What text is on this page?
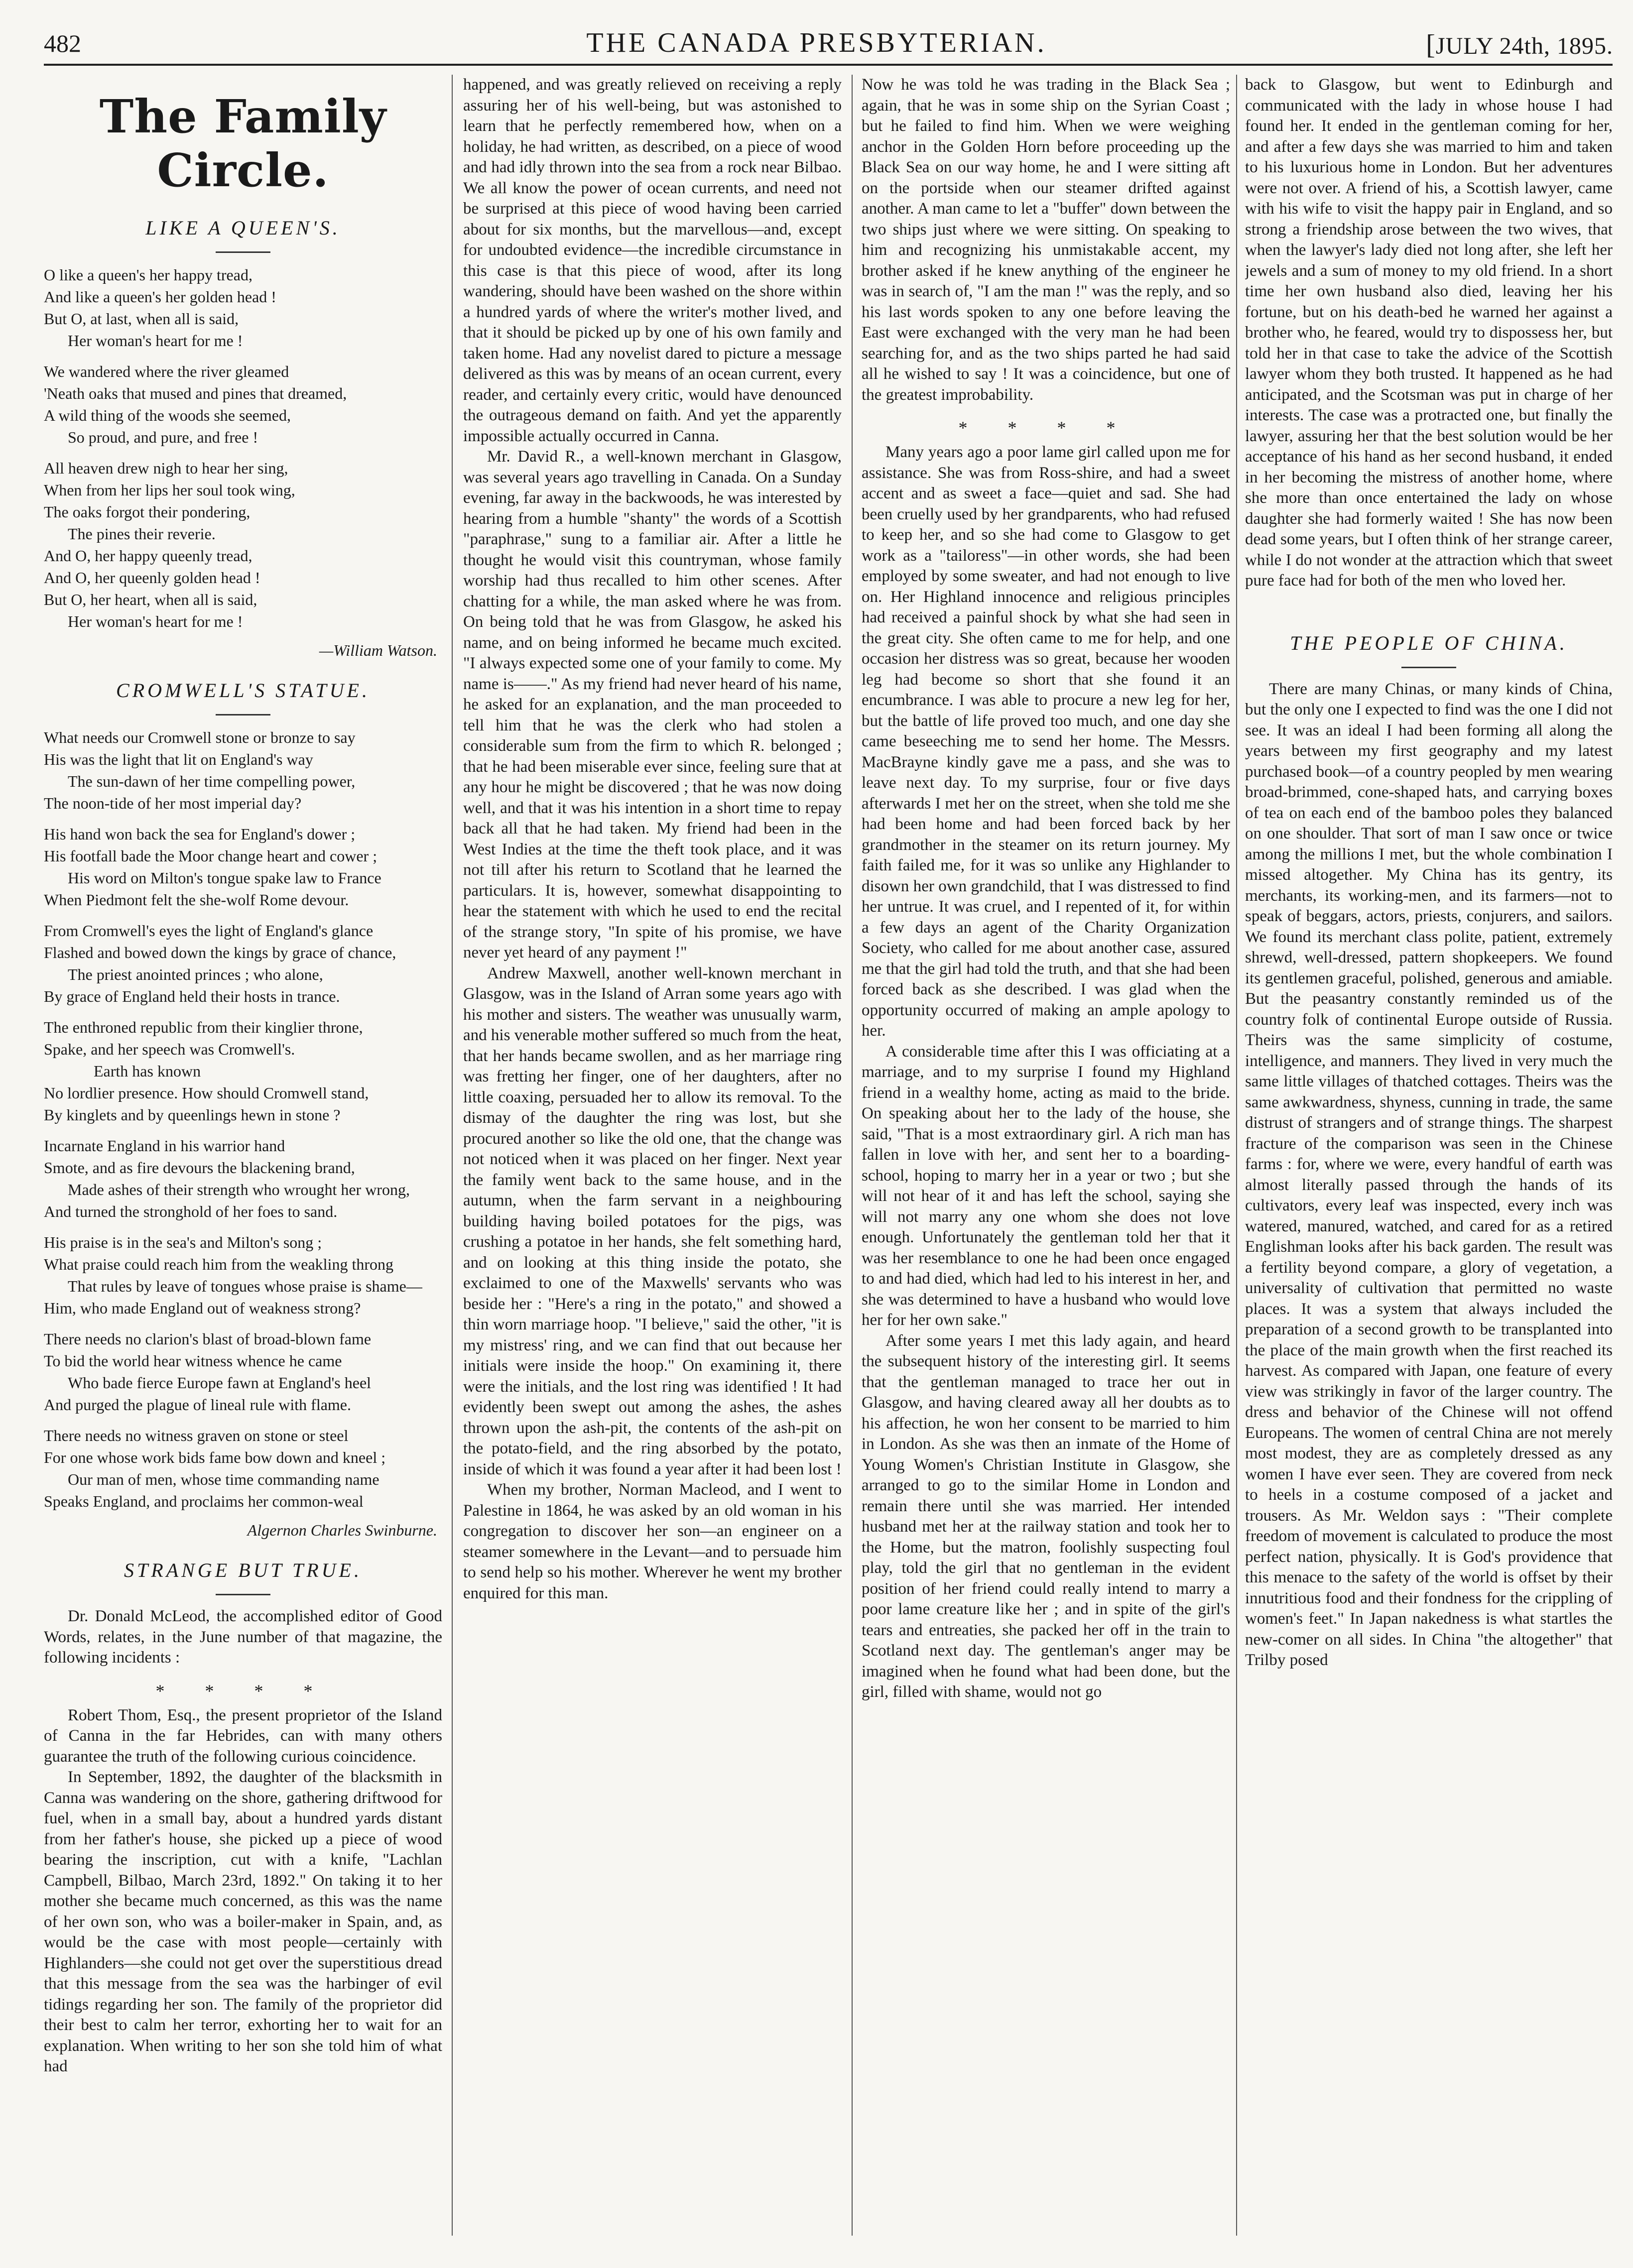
482	THE CANADA PRESBYTERIAN.	[JULY 24th, 1895.
The Family Circle.
LIKE A QUEEN'S.

O like a queen's her happy tread,

And like a queen's her golden head !

But O, at last, when all is said,

Her woman's heart for me !

We wandered where the river gleamed

'Neath oaks that mused and pines that dreamed,

A wild thing of the woods she seemed,

So proud, and pure, and free !

All heaven drew nigh to hear her sing,

When from her lips her soul took wing,

The oaks forgot their pondering,

The pines their reverie.

And O, her happy queenly tread,

And O, her queenly golden head !

But O, her heart, when all is said,

Her woman's heart for me !

—William Watson.
CROMWELL'S STATUE.

What needs our Cromwell stone or bronze to say

His was the light that lit on England's way

The sun-dawn of her time compelling power,

The noon-tide of her most imperial day?

His hand won back the sea for England's dower ;

His footfall bade the Moor change heart and cower ;

His word on Milton's tongue spake law to France

When Piedmont felt the she-wolf Rome devour.

From Cromwell's eyes the light of England's glance

Flashed and bowed down the kings by grace of chance,

The priest anointed princes ; who alone,

By grace of England held their hosts in trance.

The enthroned republic from their kinglier throne,

Spake, and her speech was Cromwell's.

Earth has known

No lordlier presence. How should Cromwell stand,

By kinglets and by queenlings hewn in stone ?

Incarnate England in his warrior hand

Smote, and as fire devours the blackening brand,

Made ashes of their strength who wrought her wrong,

And turned the stronghold of her foes to sand.

His praise is in the sea's and Milton's song ;

What praise could reach him from the weakling throng

That rules by leave of tongues whose praise is shame—

Him, who made England out of weakness strong?

There needs no clarion's blast of broad-blown fame

To bid the world hear witness whence he came

Who bade fierce Europe fawn at England's heel

And purged the plague of lineal rule with flame.

There needs no witness graven on stone or steel

For one whose work bids fame bow down and kneel ;

Our man of men, whose time commanding name

Speaks England, and proclaims her common-weal

Algernon Charles Swinburne.
STRANGE BUT TRUE.

Dr. Donald McLeod, the accomplished editor of Good Words, relates, in the June number of that magazine, the following incidents :

* * * *

Robert Thom, Esq., the present proprietor of the Island of Canna in the far Hebrides, can with many others guarantee the truth of the following curious coincidence.

In September, 1892, the daughter of the blacksmith in Canna was wandering on the shore, gathering driftwood for fuel, when in a small bay, about a hundred yards distant from her father's house, she picked up a piece of wood bearing the inscription, cut with a knife, "Lachlan Campbell, Bilbao, March 23rd, 1892." On taking it to her mother she became much concerned, as this was the name of her own son, who was a boiler-maker in Spain, and, as would be the case with most people—certainly with Highlanders—she could not get over the superstitious dread that this message from the sea was the harbinger of evil tidings regarding her son. The family of the proprietor did their best to calm her terror, exhorting her to wait for an explanation. When writing to her son she told him of what had

happened, and was greatly relieved on receiving a reply assuring her of his well-being, but was astonished to learn that he perfectly remembered how, when on a holiday, he had written, as described, on a piece of wood and had idly thrown into the sea from a rock near Bilbao. We all know the power of ocean currents, and need not be surprised at this piece of wood having been carried about for six months, but the marvellous—and, except for undoubted evidence—the incredible circumstance in this case is that this piece of wood, after its long wandering, should have been washed on the shore within a hundred yards of where the writer's mother lived, and that it should be picked up by one of his own family and taken home. Had any novelist dared to picture a message delivered as this was by means of an ocean current, every reader, and certainly every critic, would have denounced the outrageous demand on faith. And yet the apparently impossible actually occurred in Canna.

Mr. David R., a well-known merchant in Glasgow, was several years ago travelling in Canada. On a Sunday evening, far away in the backwoods, he was interested by hearing from a humble "shanty" the words of a Scottish "paraphrase," sung to a familiar air. After a little he thought he would visit this countryman, whose family worship had thus recalled to him other scenes. After chatting for a while, the man asked where he was from. On being told that he was from Glasgow, he asked his name, and on being informed he became much excited. "I always expected some one of your family to come. My name is——." As my friend had never heard of his name, he asked for an explanation, and the man proceeded to tell him that he was the clerk who had stolen a considerable sum from the firm to which R. belonged ; that he had been miserable ever since, feeling sure that at any hour he might be discovered ; that he was now doing well, and that it was his intention in a short time to repay back all that he had taken. My friend had been in the West Indies at the time the theft took place, and it was not till after his return to Scotland that he learned the particulars. It is, however, somewhat disappointing to hear the statement with which he used to end the recital of the strange story, "In spite of his promise, we have never yet heard of any payment !"

Andrew Maxwell, another well-known merchant in Glasgow, was in the Island of Arran some years ago with his mother and sisters. The weather was unusually warm, and his venerable mother suffered so much from the heat, that her hands became swollen, and as her marriage ring was fretting her finger, one of her daughters, after no little coaxing, persuaded her to allow its removal. To the dismay of the daughter the ring was lost, but she procured another so like the old one, that the change was not noticed when it was placed on her finger. Next year the family went back to the same house, and in the autumn, when the farm servant in a neighbouring building having boiled potatoes for the pigs, was crushing a potatoe in her hands, she felt something hard, and on looking at this thing inside the potato, she exclaimed to one of the Maxwells' servants who was beside her : "Here's a ring in the potato," and showed a thin worn marriage hoop. "I believe," said the other, "it is my mistress' ring, and we can find that out because her initials were inside the hoop." On examining it, there were the initials, and the lost ring was identified ! It had evidently been swept out among the ashes, the ashes thrown upon the ash-pit, the contents of the ash-pit on the potato-field, and the ring absorbed by the potato, inside of which it was found a year after it had been lost !

When my brother, Norman Macleod, and I went to Palestine in 1864, he was asked by an old woman in his congregation to discover her son—an engineer on a steamer somewhere in the Levant—and to persuade him to send help so his mother. Wherever he went my brother enquired for this man.

Now he was told he was trading in the Black Sea ; again, that he was in some ship on the Syrian Coast ; but he failed to find him. When we were weighing anchor in the Golden Horn before proceeding up the Black Sea on our way home, he and I were sitting aft on the portside when our steamer drifted against another. A man came to let a "buffer" down between the two ships just where we were sitting. On speaking to him and recognizing his unmistakable accent, my brother asked if he knew anything of the engineer he was in search of, "I am the man !" was the reply, and so his last words spoken to any one before leaving the East were exchanged with the very man he had been searching for, and as the two ships parted he had said all he wished to say ! It was a coincidence, but one of the greatest improbability.

* * * *

Many years ago a poor lame girl called upon me for assistance. She was from Ross-shire, and had a sweet accent and as sweet a face—quiet and sad. She had been cruelly used by her grandparents, who had refused to keep her, and so she had come to Glasgow to get work as a "tailoress"—in other words, she had been employed by some sweater, and had not enough to live on. Her Highland innocence and religious principles had received a painful shock by what she had seen in the great city. She often came to me for help, and one occasion her distress was so great, because her wooden leg had become so short that she found it an encumbrance. I was able to procure a new leg for her, but the battle of life proved too much, and one day she came beseeching me to send her home. The Messrs. MacBrayne kindly gave me a pass, and she was to leave next day. To my surprise, four or five days afterwards I met her on the street, when she told me she had been home and had been forced back by her grandmother in the steamer on its return journey. My faith failed me, for it was so unlike any Highlander to disown her own grandchild, that I was distressed to find her untrue. It was cruel, and I repented of it, for within a few days an agent of the Charity Organization Society, who called for me about another case, assured me that the girl had told the truth, and that she had been forced back as she described. I was glad when the opportunity occurred of making an ample apology to her.

A considerable time after this I was officiating at a marriage, and to my surprise I found my Highland friend in a wealthy home, acting as maid to the bride. On speaking about her to the lady of the house, she said, "That is a most extraordinary girl. A rich man has fallen in love with her, and sent her to a boarding-school, hoping to marry her in a year or two ; but she will not hear of it and has left the school, saying she will not marry any one whom she does not love enough. Unfortunately the gentleman told her that it was her resemblance to one he had been once engaged to and had died, which had led to his interest in her, and she was determined to have a husband who would love her for her own sake."

After some years I met this lady again, and heard the subsequent history of the interesting girl. It seems that the gentleman managed to trace her out in Glasgow, and having cleared away all her doubts as to his affection, he won her consent to be married to him in London. As she was then an inmate of the Home of Young Women's Christian Institute in Glasgow, she arranged to go to the similar Home in London and remain there until she was married. Her intended husband met her at the railway station and took her to the Home, but the matron, foolishly suspecting foul play, told the girl that no gentleman in the evident position of her friend could really intend to marry a poor lame creature like her ; and in spite of the girl's tears and entreaties, she packed her off in the train to Scotland next day. The gentleman's anger may be imagined when he found what had been done, but the girl, filled with shame, would not go

back to Glasgow, but went to Edinburgh and communicated with the lady in whose house I had found her. It ended in the gentleman coming for her, and after a few days she was married to him and taken to his luxurious home in London. But her adventures were not over. A friend of his, a Scottish lawyer, came with his wife to visit the happy pair in England, and so strong a friendship arose between the two wives, that when the lawyer's lady died not long after, she left her jewels and a sum of money to my old friend. In a short time her own husband also died, leaving her his fortune, but on his death-bed he warned her against a brother who, he feared, would try to dispossess her, but told her in that case to take the advice of the Scottish lawyer whom they both trusted. It happened as he had anticipated, and the Scotsman was put in charge of her interests. The case was a protracted one, but finally the lawyer, assuring her that the best solution would be her acceptance of his hand as her second husband, it ended in her becoming the mistress of another home, where she more than once entertained the lady on whose daughter she had formerly waited ! She has now been dead some years, but I often think of her strange career, while I do not wonder at the attraction which that sweet pure face had for both of the men who loved her.

THE PEOPLE OF CHINA.

There are many Chinas, or many kinds of China, but the only one I expected to find was the one I did not see. It was an ideal I had been forming all along the years between my first geography and my latest purchased book—of a country peopled by men wearing broad-brimmed, cone-shaped hats, and carrying boxes of tea on each end of the bamboo poles they balanced on one shoulder. That sort of man I saw once or twice among the millions I met, but the whole combination I missed altogether. My China has its gentry, its merchants, its working-men, and its farmers—not to speak of beggars, actors, priests, conjurers, and sailors. We found its merchant class polite, patient, extremely shrewd, well-dressed, pattern shopkeepers. We found its gentlemen graceful, polished, generous and amiable. But the peasantry constantly reminded us of the country folk of continental Europe outside of Russia. Theirs was the same simplicity of costume, intelligence, and manners. They lived in very much the same little villages of thatched cottages. Theirs was the same awkwardness, shyness, cunning in trade, the same distrust of strangers and of strange things. The sharpest fracture of the comparison was seen in the Chinese farms : for, where we were, every handful of earth was almost literally passed through the hands of its cultivators, every leaf was inspected, every inch was watered, manured, watched, and cared for as a retired Englishman looks after his back garden. The result was a fertility beyond compare, a glory of vegetation, a universality of cultivation that permitted no waste places. It was a system that always included the preparation of a second growth to be transplanted into the place of the main growth when the first reached its harvest. As compared with Japan, one feature of every view was strikingly in favor of the larger country. The dress and behavior of the Chinese will not offend Europeans. The women of central China are not merely most modest, they are as completely dressed as any women I have ever seen. They are covered from neck to heels in a costume composed of a jacket and trousers. As Mr. Weldon says : "Their complete freedom of movement is calculated to produce the most perfect nation, physically. It is God's providence that this menace to the safety of the world is offset by their innutritious food and their fondness for the crippling of women's feet." In Japan nakedness is what startles the new-comer on all sides. In China "the altogether" that Trilby posed
